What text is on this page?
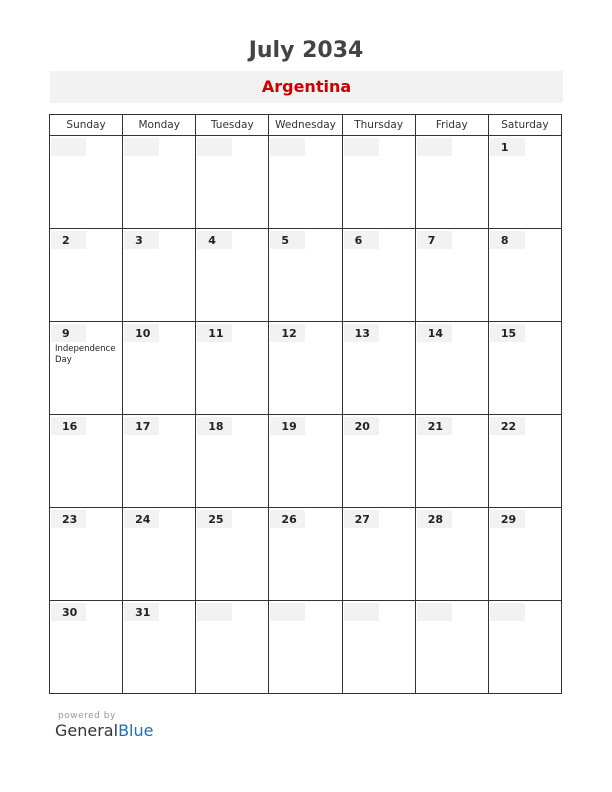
July 2034
Argentina
Sunday	Monday	Tuesday	Wednesday	Thursday	Friday	Saturday

						1

2	3	4	5	6	7	8

9
Independence Day	10	11	12	13	14	15

16	17	18	19	20	21	22

23	24	25	26	27	28	29

30	31					

powered by
GeneralBlue
